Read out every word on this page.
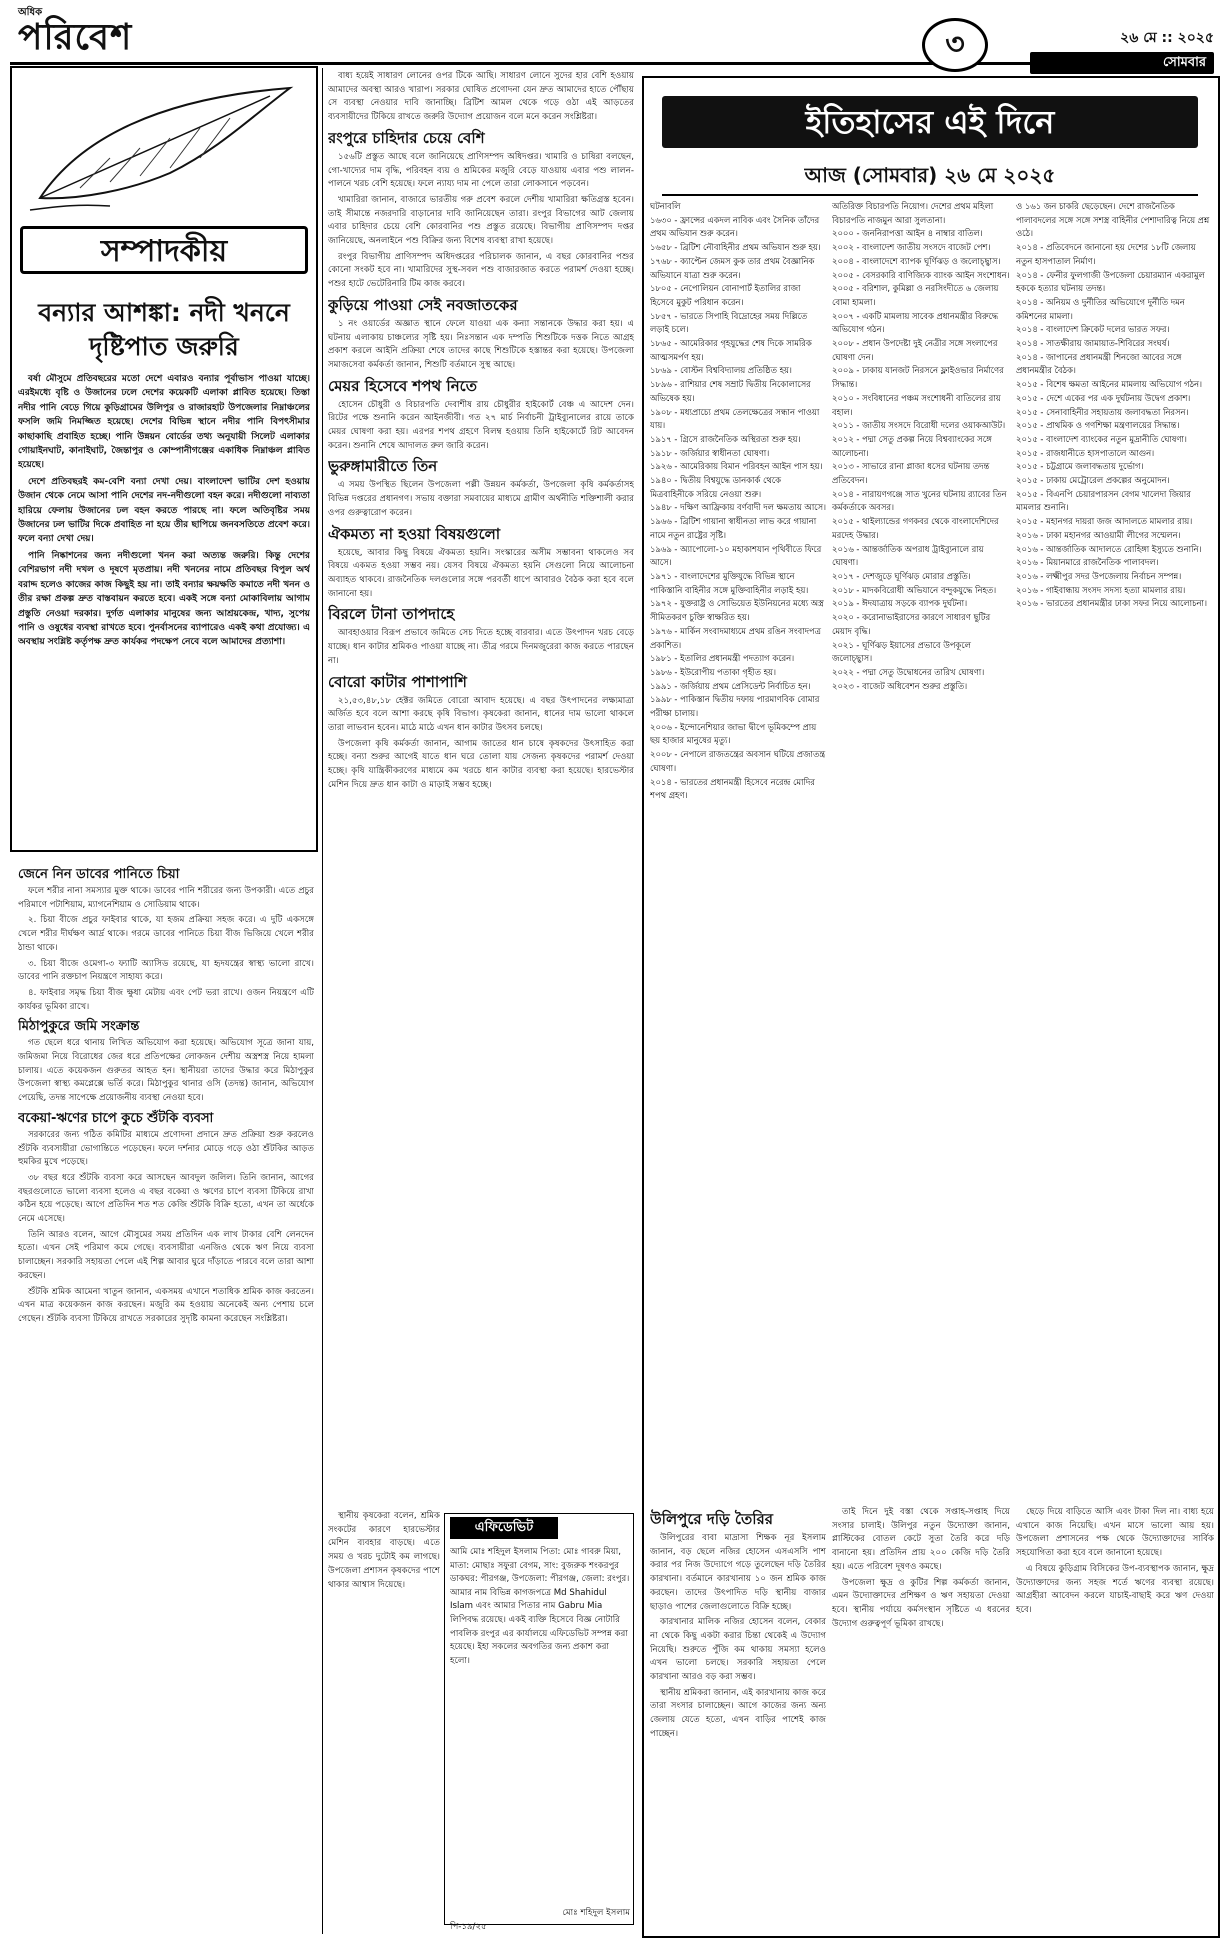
অধিক
পরিবেশ	৩	২৬ মে :: ২০২৫
সোমবার
সম্পাদকীয়
বন্যার আশঙ্কা: নদী খননে দৃষ্টিপাত জরুরি

বর্ষা মৌসুমে প্রতিবছরের মতো দেশে এবারও বন্যার পূর্বাভাস পাওয়া যাচ্ছে। এরইমধ্যে বৃষ্টি ও উজানের ঢলে দেশের কয়েকটি এলাকা প্লাবিত হয়েছে। তিস্তা নদীর পানি বেড়ে গিয়ে কুড়িগ্রামের উলিপুর ও রাজারহাট উপজেলার নিম্নাঞ্চলের ফসলি জমি নিমজ্জিত হয়েছে। দেশের বিভিন্ন স্থানে নদীর পানি বিপৎসীমার কাছাকাছি প্রবাহিত হচ্ছে। পানি উন্নয়ন বোর্ডের তথ্য অনুযায়ী সিলেট এলাকার গোয়াইনঘাট, কানাইঘাট, জৈন্তাপুর ও কোম্পানীগঞ্জের একাধিক নিম্নাঞ্চল প্লাবিত হয়েছে।

দেশে প্রতিবছরই কম-বেশি বন্যা দেখা দেয়। বাংলাদেশ ভাটির দেশ হওয়ায় উজান থেকে নেমে আসা পানি দেশের নদ-নদীগুলো বহন করে। নদীগুলো নাব্যতা হারিয়ে ফেলায় উজানের ঢল বহন করতে পারছে না। ফলে অতিবৃষ্টির সময় উজানের ঢল ভাটির দিকে প্রবাহিত না হয়ে তীর ছাপিয়ে জনবসতিতে প্রবেশ করে। ফলে বন্যা দেখা দেয়।

পানি নিষ্কাশনের জন্য নদীগুলো খনন করা অত্যন্ত জরুরি। কিন্তু দেশের বেশিরভাগ নদী দখল ও দূষণে মৃতপ্রায়। নদী খননের নামে প্রতিবছর বিপুল অর্থ বরাদ্দ হলেও কাজের কাজ কিছুই হয় না। তাই বন্যার ক্ষয়ক্ষতি কমাতে নদী খনন ও তীর রক্ষা প্রকল্প দ্রুত বাস্তবায়ন করতে হবে। একই সঙ্গে বন্যা মোকাবিলায় আগাম প্রস্তুতি নেওয়া দরকার। দুর্গত এলাকার মানুষের জন্য আশ্রয়কেন্দ্র, খাদ্য, সুপেয় পানি ও ওষুধের ব্যবস্থা রাখতে হবে। পুনর্বাসনের ব্যাপারেও একই কথা প্রযোজ্য। এ অবস্থায় সংশ্লিষ্ট কর্তৃপক্ষ দ্রুত কার্যকর পদক্ষেপ নেবে বলে আমাদের প্রত্যাশা।

জেনে নিন ডাবের পানিতে চিয়া

ফলে শরীর নানা সমস্যার মুক্ত থাকে। ডাবের পানি শরীরের জন্য উপকারী। এতে প্রচুর পরিমাণে পটাশিয়াম, ম্যাগনেশিয়াম ও সোডিয়াম থাকে।

২. চিয়া বীজে প্রচুর ফাইবার থাকে, যা হজম প্রক্রিয়া সহজ করে। এ দুটি একসঙ্গে খেলে শরীর দীর্ঘক্ষণ আর্দ্র থাকে। গরমে ডাবের পানিতে চিয়া বীজ ভিজিয়ে খেলে শরীর ঠান্ডা থাকে।

৩. চিয়া বীজে ওমেগা-৩ ফ্যাটি অ্যাসিড রয়েছে, যা হৃদযন্ত্রের স্বাস্থ্য ভালো রাখে। ডাবের পানি রক্তচাপ নিয়ন্ত্রণে সাহায্য করে।

৪. ফাইবার সমৃদ্ধ চিয়া বীজ ক্ষুধা মেটায় এবং পেট ভরা রাখে। ওজন নিয়ন্ত্রণে এটি কার্যকর ভূমিকা রাখে।

মিঠাপুকুরে জমি সংক্রান্ত

গত ছেলে ধরে থানায় লিখিত অভিযোগ করা হয়েছে। অভিযোগ সূত্রে জানা যায়, জমিজমা নিয়ে বিরোধের জের ধরে প্রতিপক্ষের লোকজন দেশীয় অস্ত্রশস্ত্র নিয়ে হামলা চালায়। এতে কয়েকজন গুরুতর আহত হন। স্থানীয়রা তাদের উদ্ধার করে মিঠাপুকুর উপজেলা স্বাস্থ্য কমপ্লেক্সে ভর্তি করে। মিঠাপুকুর থানার ওসি (তদন্ত) জানান, অভিযোগ পেয়েছি, তদন্ত সাপেক্ষে প্রয়োজনীয় ব্যবস্থা নেওয়া হবে।

বকেয়া-ঋণের চাপে কুচে শুঁটকি ব্যবসা

সরকারের জন্য গঠিত কমিটির মাধ্যমে প্রণোদনা প্রদানে দ্রুত প্রক্রিয়া শুরু করলেও শুঁটকি ব্যবসায়ীরা ভোগান্তিতে পড়েছেন। ফলে দর্শনার মোড়ে গড়ে ওঠা শুঁটকির আড়ত হুমকির মুখে পড়েছে।

৩৮ বছর ধরে শুঁটকি ব্যবসা করে আসছেন আবদুল জলিল। তিনি জানান, আগের বছরগুলোতে ভালো ব্যবসা হলেও এ বছর বকেয়া ও ঋণের চাপে ব্যবসা টিকিয়ে রাখা কঠিন হয়ে পড়েছে। আগে প্রতিদিন শত শত কেজি শুঁটকি বিক্রি হতো, এখন তা অর্ধেকে নেমে এসেছে।

তিনি আরও বলেন, আগে মৌসুমের সময় প্রতিদিন এক লাখ টাকার বেশি লেনদেন হতো। এখন সেই পরিমাণ কমে গেছে। ব্যবসায়ীরা এনজিও থেকে ঋণ নিয়ে ব্যবসা চালাচ্ছেন। সরকারি সহায়তা পেলে এই শিল্প আবার ঘুরে দাঁড়াতে পারবে বলে তারা আশা করছেন।

শুঁটকি শ্রমিক আমেনা খাতুন জানান, একসময় এখানে শতাধিক শ্রমিক কাজ করতেন। এখন মাত্র কয়েকজন কাজ করছেন। মজুরি কম হওয়ায় অনেকেই অন্য পেশায় চলে গেছেন। শুঁটকি ব্যবসা টিকিয়ে রাখতে সরকারের সুদৃষ্টি কামনা করেছেন সংশ্লিষ্টরা।

বাধ্য হয়েই সাধারণ লোনের ওপর টিকে আছি। সাধারণ লোনে সুদের হার বেশি হওয়ায় আমাদের অবস্থা আরও খারাপ। সরকার ঘোষিত প্রণোদনা যেন দ্রুত আমাদের হাতে পৌঁছায় সে ব্যবস্থা নেওয়ার দাবি জানাচ্ছি। ব্রিটিশ আমল থেকে গড়ে ওঠা এই আড়তের ব্যবসায়ীদের টিকিয়ে রাখতে জরুরি উদ্যোগ প্রয়োজন বলে মনে করেন সংশ্লিষ্টরা।

রংপুরে চাহিদার চেয়ে বেশি

১৫৬টি প্রস্তুত আছে বলে জানিয়েছে প্রাণিসম্পদ অধিদপ্তর। খামারি ও চাষিরা বলছেন, গো-খাদ্যের দাম বৃদ্ধি, পরিবহন ব্যয় ও শ্রমিকের মজুরি বেড়ে যাওয়ায় এবার পশু লালন-পালনে খরচ বেশি হয়েছে। ফলে ন্যায্য দাম না পেলে তারা লোকসানে পড়বেন।

খামারিরা জানান, বাজারে ভারতীয় গরু প্রবেশ করলে দেশীয় খামারিরা ক্ষতিগ্রস্ত হবেন। তাই সীমান্তে নজরদারি বাড়ানোর দাবি জানিয়েছেন তারা। রংপুর বিভাগের আট জেলায় এবার চাহিদার চেয়ে বেশি কোরবানির পশু প্রস্তুত রয়েছে। বিভাগীয় প্রাণিসম্পদ দপ্তর জানিয়েছে, অনলাইনে পশু বিক্রির জন্য বিশেষ ব্যবস্থা রাখা হয়েছে।

রংপুর বিভাগীয় প্রাণিসম্পদ অধিদপ্তরের পরিচালক জানান, এ বছর কোরবানির পশুর কোনো সংকট হবে না। খামারিদের সুস্থ-সবল পশু বাজারজাত করতে পরামর্শ দেওয়া হচ্ছে। পশুর হাটে ভেটেরিনারি টিম কাজ করবে।

কুড়িয়ে পাওয়া সেই নবজাতকের

১ নং ওয়ার্ডের অজ্ঞাত স্থানে ফেলে যাওয়া এক কন্যা সন্তানকে উদ্ধার করা হয়। এ ঘটনায় এলাকায় চাঞ্চল্যের সৃষ্টি হয়। নিঃসন্তান এক দম্পতি শিশুটিকে দত্তক নিতে আগ্রহ প্রকাশ করলে আইনি প্রক্রিয়া শেষে তাদের কাছে শিশুটিকে হস্তান্তর করা হয়েছে। উপজেলা সমাজসেবা কর্মকর্তা জানান, শিশুটি বর্তমানে সুস্থ আছে।

মেয়র হিসেবে শপথ নিতে

হোসেন চৌধুরী ও বিচারপতি দেবাশীষ রায় চৌধুরীর হাইকোর্ট বেঞ্চ এ আদেশ দেন। রিটের পক্ষে শুনানি করেন আইনজীবী। গত ২৭ মার্চ নির্বাচনী ট্রাইব্যুনালের রায়ে তাকে মেয়র ঘোষণা করা হয়। এরপর শপথ গ্রহণে বিলম্ব হওয়ায় তিনি হাইকোর্টে রিট আবেদন করেন। শুনানি শেষে আদালত রুল জারি করেন।

ভুরুঙ্গামারীতে তিন

এ সময় উপস্থিত ছিলেন উপজেলা পল্লী উন্নয়ন কর্মকর্তা, উপজেলা কৃষি কর্মকর্তাসহ বিভিন্ন দপ্তরের প্রধানগণ। সভায় বক্তারা সমবায়ের মাধ্যমে গ্রামীণ অর্থনীতি শক্তিশালী করার ওপর গুরুত্বারোপ করেন।

ঐকমত্য না হওয়া বিষয়গুলো

হয়েছে, আবার কিছু বিষয়ে ঐকমত্য হয়নি। সংস্কারের অসীম সম্ভাবনা থাকলেও সব বিষয়ে একমত হওয়া সম্ভব নয়। যেসব বিষয়ে ঐকমত্য হয়নি সেগুলো নিয়ে আলোচনা অব্যাহত থাকবে। রাজনৈতিক দলগুলোর সঙ্গে পরবর্তী ধাপে আবারও বৈঠক করা হবে বলে জানানো হয়।

বিরলে টানা তাপদাহে

আবহাওয়ার বিরূপ প্রভাবে জমিতে সেচ দিতে হচ্ছে বারবার। এতে উৎপাদন খরচ বেড়ে যাচ্ছে। ধান কাটার শ্রমিকও পাওয়া যাচ্ছে না। তীব্র গরমে দিনমজুরেরা কাজ করতে পারছেন না।

বোরো কাটার পাশাপাশি

২১,৫৩,৪৮,১৮ হেক্টর জমিতে বোরো আবাদ হয়েছে। এ বছর উৎপাদনের লক্ষ্যমাত্রা অর্জিত হবে বলে আশা করছে কৃষি বিভাগ। কৃষকেরা জানান, ধানের দাম ভালো থাকলে তারা লাভবান হবেন। মাঠে মাঠে এখন ধান কাটার উৎসব চলছে।

উপজেলা কৃষি কর্মকর্তা জানান, আগাম জাতের ধান চাষে কৃষকদের উৎসাহিত করা হচ্ছে। বন্যা শুরুর আগেই যাতে ধান ঘরে তোলা যায় সেজন্য কৃষকদের পরামর্শ দেওয়া হচ্ছে। কৃষি যান্ত্রিকীকরণের মাধ্যমে কম খরচে ধান কাটার ব্যবস্থা করা হয়েছে। হারভেস্টার মেশিন দিয়ে দ্রুত ধান কাটা ও মাড়াই সম্ভব হচ্ছে।

স্থানীয় কৃষকেরা বলেন, শ্রমিক সংকটের কারণে হারভেস্টার মেশিন ব্যবহার বাড়ছে। এতে সময় ও খরচ দুটোই কম লাগছে। উপজেলা প্রশাসন কৃষকদের পাশে থাকার আশ্বাস দিয়েছে।

এফিডেভিট
আমি মোঃ শহিদুল ইসলাম পিতা: মোঃ গাবরু মিয়া, মাতা: মোছাঃ সফুরা বেগম, সাং: বুজরুক শংকরপুর ডাকঘর: পীরগঞ্জ, উপজেলা: পীরগঞ্জ, জেলা: রংপুর। আমার নাম বিভিন্ন কাগজপত্রে Md Shahidul Islam এবং আমার পিতার নাম Gabru Mia লিপিবদ্ধ রয়েছে। একই ব্যক্তি হিসেবে বিজ্ঞ নোটারি পাবলিক রংপুর এর কার্যালয়ে এফিডেভিট সম্পন্ন করা হয়েছে। ইহা সকলের অবগতির জন্য প্রকাশ করা হলো।
মোঃ শহিদুল ইসলাম
পি-১৯/২৫
ইতিহাসের এই দিনে
আজ (সোমবার) ২৬ মে ২০২৫
ঘটনাবলি
১৬৩০ - ফ্রান্সের একদল নাবিক এবং সৈনিক তাঁদের প্রথম অভিযান শুরু করেন।
১৬৫৮ - ব্রিটিশ নৌবাহিনীর প্রথম অভিযান শুরু হয়।
১৭৬৮ - ক্যাপ্টেন জেমস কুক তার প্রথম বৈজ্ঞানিক অভিযানে যাত্রা শুরু করেন।
১৮০৫ - নেপোলিয়ন বোনাপার্ট ইতালির রাজা হিসেবে মুকুট পরিধান করেন।
১৮৫৭ - ভারতে সিপাহি বিদ্রোহের সময় দিল্লিতে লড়াই চলে।
১৮৬৫ - আমেরিকার গৃহযুদ্ধের শেষ দিকে সামরিক আত্মসমর্পণ হয়।
১৮৬৯ - বোস্টন বিশ্ববিদ্যালয় প্রতিষ্ঠিত হয়।
১৮৯৬ - রাশিয়ার শেষ সম্রাট দ্বিতীয় নিকোলাসের অভিষেক হয়।
১৯০৮ - মধ্যপ্রাচ্যে প্রথম তেলক্ষেত্রের সন্ধান পাওয়া যায়।
১৯১৭ - গ্রিসে রাজনৈতিক অস্থিরতা শুরু হয়।
১৯১৮ - জর্জিয়ার স্বাধীনতা ঘোষণা।
১৯২৬ - আমেরিকায় বিমান পরিবহন আইন পাস হয়।
১৯৪০ - দ্বিতীয় বিশ্বযুদ্ধে ডানকার্ক থেকে মিত্রবাহিনীকে সরিয়ে নেওয়া শুরু।
১৯৪৮ - দক্ষিণ আফ্রিকায় বর্ণবাদী দল ক্ষমতায় আসে।
১৯৬৬ - ব্রিটিশ গায়ানা স্বাধীনতা লাভ করে গায়ানা নামে নতুন রাষ্ট্রের সৃষ্টি।
১৯৬৯ - অ্যাপোলো-১০ মহাকাশযান পৃথিবীতে ফিরে আসে।
১৯৭১ - বাংলাদেশের মুক্তিযুদ্ধে বিভিন্ন স্থানে পাকিস্তানি বাহিনীর সঙ্গে মুক্তিবাহিনীর লড়াই হয়।
১৯৭২ - যুক্তরাষ্ট্র ও সোভিয়েত ইউনিয়নের মধ্যে অস্ত্র সীমিতকরণ চুক্তি স্বাক্ষরিত হয়।
১৯৭৬ - মার্কিন সংবাদমাধ্যমে প্রথম রঙিন সংবাদপত্র প্রকাশিত।
১৯৮১ - ইতালির প্রধানমন্ত্রী পদত্যাগ করেন।
১৯৮৬ - ইউরোপীয় পতাকা গৃহীত হয়।
১৯৯১ - জর্জিয়ায় প্রথম প্রেসিডেন্ট নির্বাচিত হন।
১৯৯৮ - পাকিস্তান দ্বিতীয় দফায় পারমাণবিক বোমার পরীক্ষা চালায়।
২০০৬ - ইন্দোনেশিয়ার জাভা দ্বীপে ভূমিকম্পে প্রায় ছয় হাজার মানুষের মৃত্যু।
২০০৮ - নেপালে রাজতন্ত্রের অবসান ঘটিয়ে প্রজাতন্ত্র ঘোষণা।
২০১৪ - ভারতের প্রধানমন্ত্রী হিসেবে নরেন্দ্র মোদির শপথ গ্রহণ।
অতিরিক্ত বিচারপতি নিয়োগ। দেশের প্রথম মহিলা বিচারপতি নাজমুন আরা সুলতানা।
২০০০ - জননিরাপত্তা আইন ৪ নাম্বার বাতিল।
২০০২ - বাংলাদেশ জাতীয় সংসদে বাজেট পেশ।
২০০৪ - বাংলাদেশে ব্যাপক ঘূর্ণিঝড় ও জলোচ্ছ্বাস।
২০০৫ - বেসরকারি বাণিজ্যিক ব্যাংক আইন সংশোধন।
২০০৫ - বরিশাল, কুমিল্লা ও নরসিংদীতে ৬ জেলায় বোমা হামলা।
২০০৭ - একটি মামলায় সাবেক প্রধানমন্ত্রীর বিরুদ্ধে অভিযোগ গঠন।
২০০৮ - প্রধান উপদেষ্টা দুই নেত্রীর সঙ্গে সংলাপের ঘোষণা দেন।
২০০৯ - ঢাকায় যানজট নিরসনে ফ্লাইওভার নির্মাণের সিদ্ধান্ত।
২০১০ - সংবিধানের পঞ্চম সংশোধনী বাতিলের রায় বহাল।
২০১১ - জাতীয় সংসদে বিরোধী দলের ওয়াকআউট।
২০১২ - পদ্মা সেতু প্রকল্প নিয়ে বিশ্বব্যাংকের সঙ্গে আলোচনা।
২০১৩ - সাভারে রানা প্লাজা ধসের ঘটনায় তদন্ত প্রতিবেদন।
২০১৪ - নারায়ণগঞ্জে সাত খুনের ঘটনায় র‍্যাবের তিন কর্মকর্তাকে অবসর।
২০১৫ - থাইল্যান্ডের গণকবর থেকে বাংলাদেশিদের মরদেহ উদ্ধার।
২০১৬ - আন্তর্জাতিক অপরাধ ট্রাইব্যুনালে রায় ঘোষণা।
২০১৭ - দেশজুড়ে ঘূর্ণিঝড় মোরার প্রস্তুতি।
২০১৮ - মাদকবিরোধী অভিযানে বন্দুকযুদ্ধে নিহত।
২০১৯ - ঈদযাত্রায় সড়কে ব্যাপক দুর্ঘটনা।
২০২০ - করোনাভাইরাসের কারণে সাধারণ ছুটির মেয়াদ বৃদ্ধি।
২০২১ - ঘূর্ণিঝড় ইয়াসের প্রভাবে উপকূলে জলোচ্ছ্বাস।
২০২২ - পদ্মা সেতু উদ্বোধনের তারিখ ঘোষণা।
২০২৩ - বাজেট অধিবেশন শুরুর প্রস্তুতি।
ও ১৬১ জন চাকরি ছেড়েছেন। দেশে রাজনৈতিক পালাবদলের সঙ্গে সঙ্গে সশস্ত্র বাহিনীর পেশাদারিত্ব নিয়ে প্রশ্ন ওঠে।
২০১৪ - প্রতিবেদনে জানানো হয় দেশের ১৮টি জেলায় নতুন হাসপাতাল নির্মাণ।
২০১৪ - ফেনীর ফুলগাজী উপজেলা চেয়ারম্যান একরামুল হককে হত্যার ঘটনায় তদন্ত।
২০১৪ - অনিয়ম ও দুর্নীতির অভিযোগে দুর্নীতি দমন কমিশনের মামলা।
২০১৪ - বাংলাদেশ ক্রিকেট দলের ভারত সফর।
২০১৪ - সাতক্ষীরায় জামায়াত-শিবিরের সংঘর্ষ।
২০১৪ - জাপানের প্রধানমন্ত্রী শিনজো আবের সঙ্গে প্রধানমন্ত্রীর বৈঠক।
২০১৫ - বিশেষ ক্ষমতা আইনের মামলায় অভিযোগ গঠন।
২০১৫ - দেশে একের পর এক দুর্ঘটনায় উদ্বেগ প্রকাশ।
২০১৫ - সেনাবাহিনীর সহায়তায় জলাবদ্ধতা নিরসন।
২০১৫ - প্রাথমিক ও গণশিক্ষা মন্ত্রণালয়ের সিদ্ধান্ত।
২০১৫ - বাংলাদেশ ব্যাংকের নতুন মুদ্রানীতি ঘোষণা।
২০১৫ - রাজধানীতে হাসপাতালে আগুন।
২০১৫ - চট্টগ্রামে জলাবদ্ধতায় দুর্ভোগ।
২০১৫ - ঢাকায় মেট্রোরেল প্রকল্পের অনুমোদন।
২০১৫ - বিএনপি চেয়ারপারসন বেগম খালেদা জিয়ার মামলার শুনানি।
২০১৫ - মহানগর দায়রা জজ আদালতে মামলার রায়।
২০১৬ - ঢাকা মহানগর আওয়ামী লীগের সম্মেলন।
২০১৬ - আন্তর্জাতিক আদালতে রোহিঙ্গা ইস্যুতে শুনানি।
২০১৬ - মিয়ানমারে রাজনৈতিক পালাবদল।
২০১৬ - লক্ষ্মীপুর সদর উপজেলায় নির্বাচন সম্পন্ন।
২০১৬ - গাইবান্ধায় সংসদ সদস্য হত্যা মামলার রায়।
২০১৬ - ভারতের প্রধানমন্ত্রীর ঢাকা সফর নিয়ে আলোচনা।
উলিপুরে দড়ি তৈরির

উলিপুরের বাবা মাদ্রাসা শিক্ষক নূর ইসলাম জানান, বড় ছেলে নজির হোসেন এসএসসি পাশ করার পর নিজ উদ্যোগে গড়ে তুলেছেন দড়ি তৈরির কারখানা। বর্তমানে কারখানায় ১০ জন শ্রমিক কাজ করছেন। তাদের উৎপাদিত দড়ি স্থানীয় বাজার ছাড়াও পাশের জেলাগুলোতে বিক্রি হচ্ছে।

কারখানার মালিক নজির হোসেন বলেন, বেকার না থেকে কিছু একটা করার চিন্তা থেকেই এ উদ্যোগ নিয়েছি। শুরুতে পুঁজি কম থাকায় সমস্যা হলেও এখন ভালো চলছে। সরকারি সহায়তা পেলে কারখানা আরও বড় করা সম্ভব।

স্থানীয় শ্রমিকরা জানান, এই কারখানায় কাজ করে তারা সংসার চালাচ্ছেন। আগে কাজের জন্য অন্য জেলায় যেতে হতো, এখন বাড়ির পাশেই কাজ পাচ্ছেন।

তাই দিনে দুই বস্তা থেকে সপ্তাহ-সপ্তাহ দিয়ে সংসার চালাই। উলিপুর নতুন উদ্যোক্তা জানান, প্লাস্টিকের বোতল কেটে সুতা তৈরি করে দড়ি বানানো হয়। প্রতিদিন প্রায় ২০০ কেজি দড়ি তৈরি হয়। এতে পরিবেশ দূষণও কমছে।

উপজেলা ক্ষুদ্র ও কুটির শিল্প কর্মকর্তা জানান, এমন উদ্যোক্তাদের প্রশিক্ষণ ও ঋণ সহায়তা দেওয়া হবে। স্থানীয় পর্যায়ে কর্মসংস্থান সৃষ্টিতে এ ধরনের উদ্যোগ গুরুত্বপূর্ণ ভূমিকা রাখছে।

ছেড়ে দিয়ে বাড়িতে আসি এবং টাকা দিল না। বাধ্য হয়ে এখানে কাজ নিয়েছি। এখন মাসে ভালো আয় হয়। উপজেলা প্রশাসনের পক্ষ থেকে উদ্যোক্তাদের সার্বিক সহযোগিতা করা হবে বলে জানানো হয়েছে।

এ বিষয়ে কুড়িগ্রাম বিসিকের উপ-ব্যবস্থাপক জানান, ক্ষুদ্র উদ্যোক্তাদের জন্য সহজ শর্তে ঋণের ব্যবস্থা রয়েছে। আগ্রহীরা আবেদন করলে যাচাই-বাছাই করে ঋণ দেওয়া হবে।
